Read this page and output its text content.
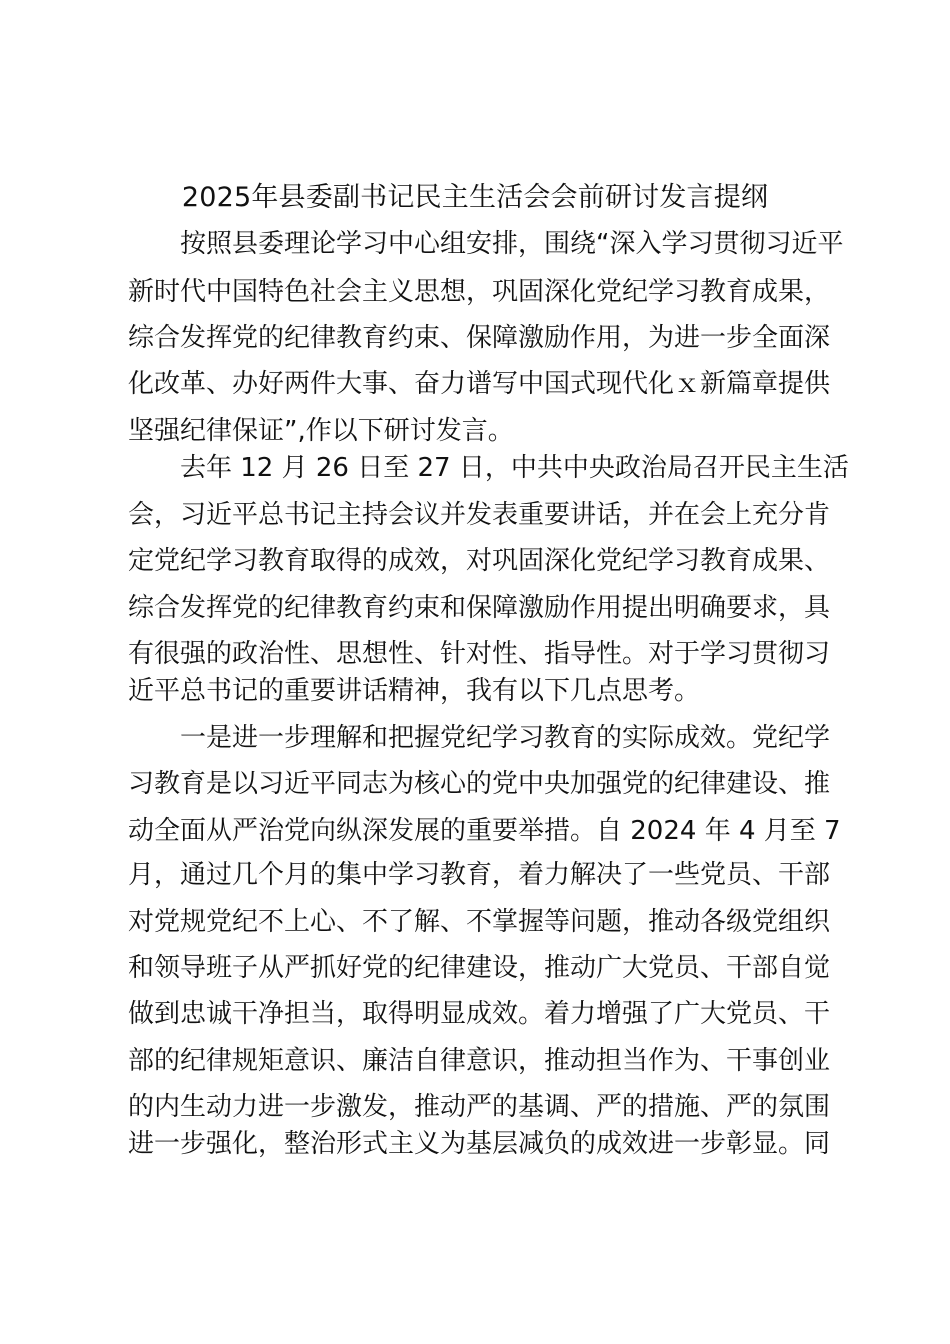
2025年县委副书记民主生活会会前研讨发言提纲

按照县委理论学习中心组安排，围绕“深入学习贯彻习近平

新时代中国特色社会主义思想，巩固深化党纪学习教育成果，

综合发挥党的纪律教育约束、保障激励作用，为进一步全面深

化改革、办好两件大事、奋力谱写中国式现代化ｘ新篇章提供

坚强纪律保证”,作以下研讨发言。

去年 12 月 26 日至 27 日，中共中央政治局召开民主生活

会，习近平总书记主持会议并发表重要讲话，并在会上充分肯

定党纪学习教育取得的成效，对巩固深化党纪学习教育成果、

综合发挥党的纪律教育约束和保障激励作用提出明确要求，具

有很强的政治性、思想性、针对性、指导性。对于学习贯彻习

近平总书记的重要讲话精神，我有以下几点思考。

一是进一步理解和把握党纪学习教育的实际成效。党纪学

习教育是以习近平同志为核心的党中央加强党的纪律建设、推

动全面从严治党向纵深发展的重要举措。自 2024 年 4 月至 7

月，通过几个月的集中学习教育，着力解决了一些党员、干部

对党规党纪不上心、不了解、不掌握等问题，推动各级党组织

和领导班子从严抓好党的纪律建设，推动广大党员、干部自觉

做到忠诚干净担当，取得明显成效。着力增强了广大党员、干

部的纪律规矩意识、廉洁自律意识，推动担当作为、干事创业

的内生动力进一步激发，推动严的基调、严的措施、严的氛围

进一步强化，整治形式主义为基层减负的成效进一步彰显。同
